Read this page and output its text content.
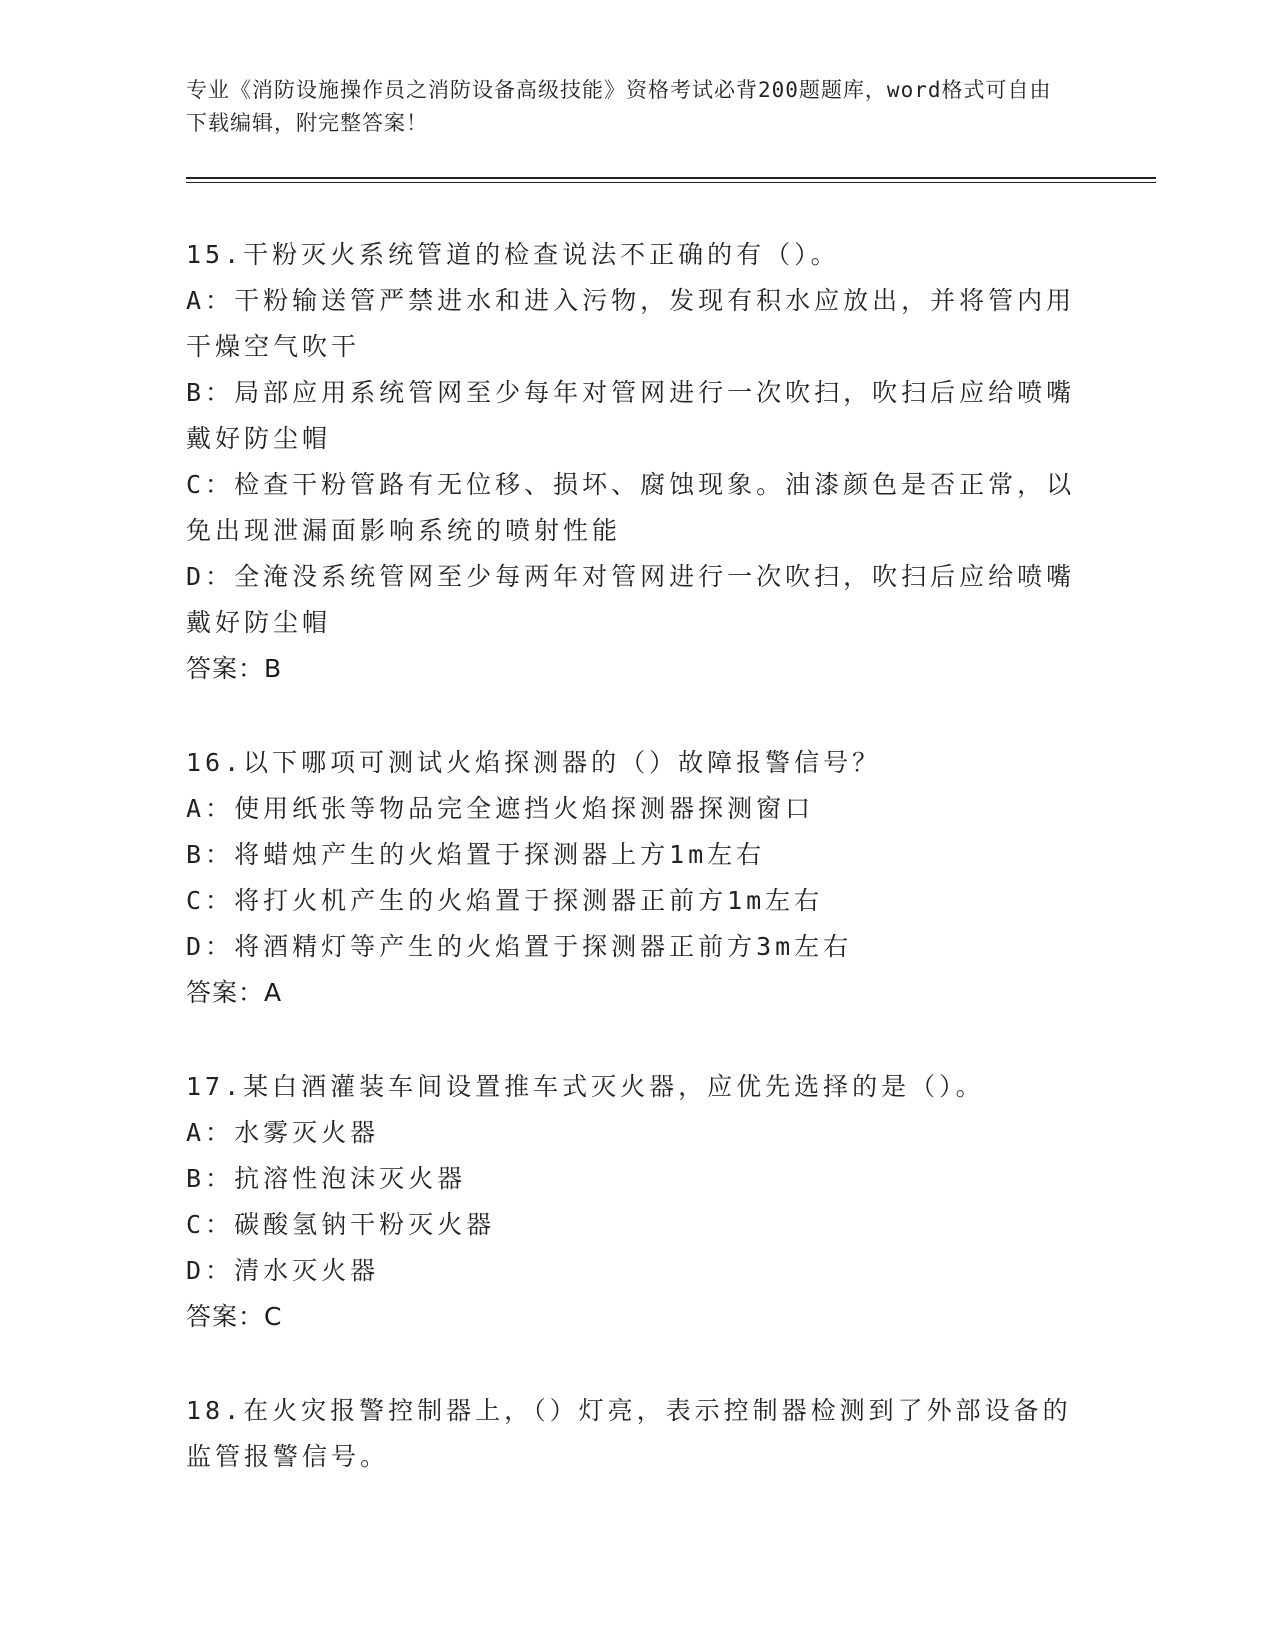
专业《消防设施操作员之消防设备高级技能》资格考试必背200题题库，word格式可自由下载编辑，附完整答案！
15.干粉灭火系统管道的检查说法不正确的有（）。
A：干粉输送管严禁进水和进入污物，发现有积水应放出，并将管内用干燥空气吹干
B：局部应用系统管网至少每年对管网进行一次吹扫，吹扫后应给喷嘴戴好防尘帽
C：检查干粉管路有无位移、损坏、腐蚀现象。油漆颜色是否正常，以免出现泄漏面影响系统的喷射性能
D：全淹没系统管网至少每两年对管网进行一次吹扫，吹扫后应给喷嘴戴好防尘帽
答案：B
16.以下哪项可测试火焰探测器的（）故障报警信号？
A：使用纸张等物品完全遮挡火焰探测器探测窗口
B：将蜡烛产生的火焰置于探测器上方1m左右
C：将打火机产生的火焰置于探测器正前方1m左右
D：将酒精灯等产生的火焰置于探测器正前方3m左右
答案：A
17.某白酒灌装车间设置推车式灭火器，应优先选择的是（）。
A：水雾灭火器
B：抗溶性泡沫灭火器
C：碳酸氢钠干粉灭火器
D：清水灭火器
答案：C
18.在火灾报警控制器上，（）灯亮，表示控制器检测到了外部设备的监管报警信号。
